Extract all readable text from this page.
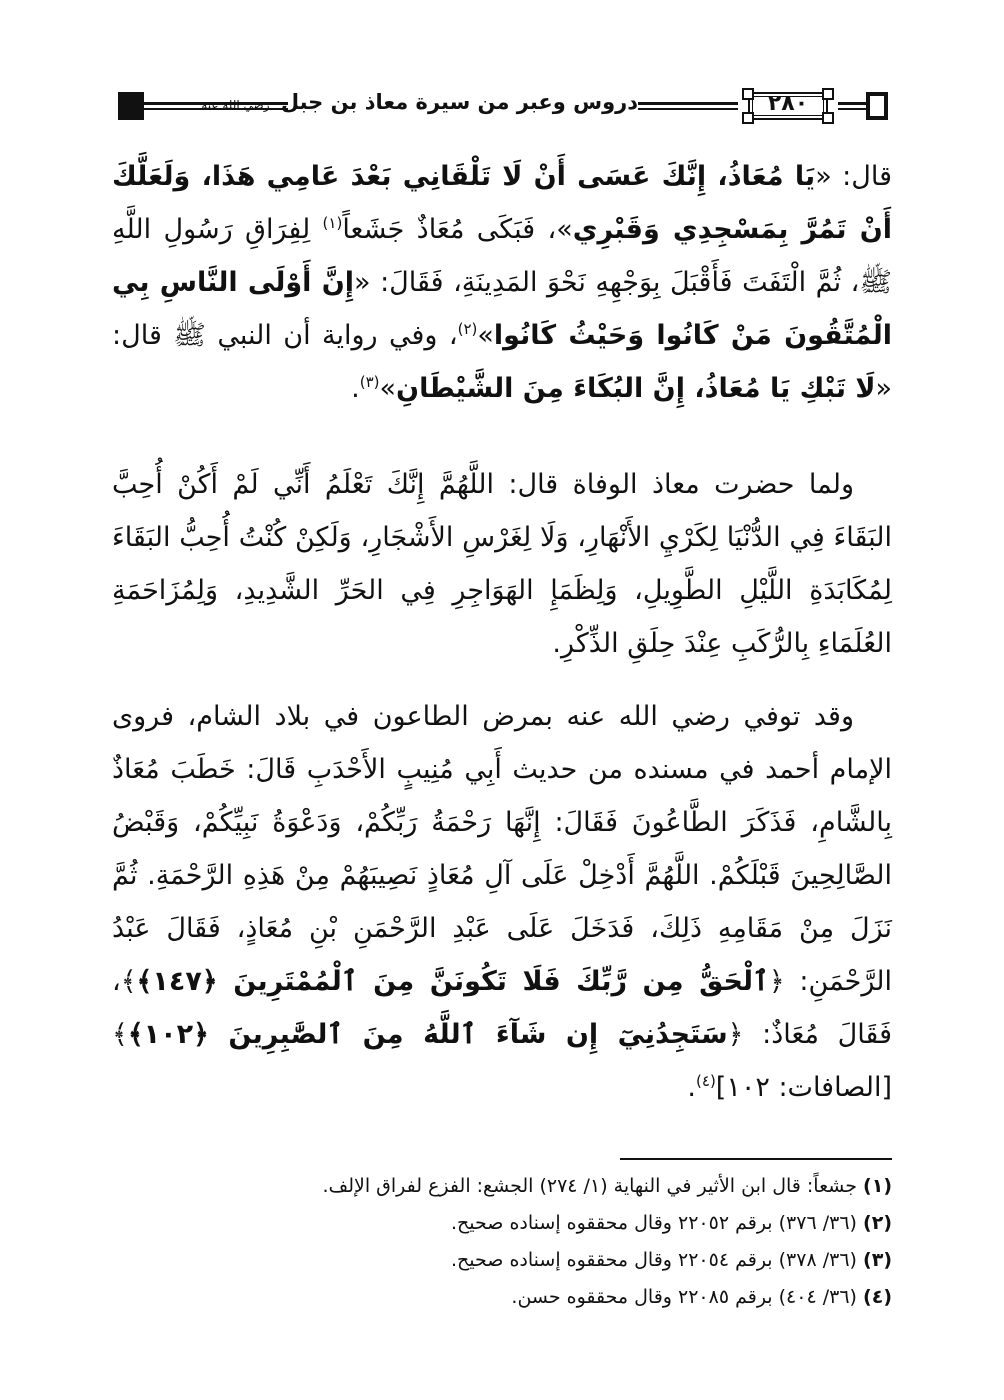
دروس وعبر من سيرة معاذ بن جبل رضي الله عنه	٢٨٠

قال: «يَا مُعَاذُ، إِنَّكَ عَسَى أَنْ لَا تَلْقَانِي بَعْدَ عَامِي هَذَا، وَلَعَلَّكَ أَنْ تَمُرَّ بِمَسْجِدِي وَقَبْرِي»، فَبَكَى مُعَاذٌ جَشَعاً$^{(١)}$ لِفِرَاقِ رَسُولِ اللَّهِ ﷺ، ثُمَّ الْتَفَتَ فَأَقْبَلَ بِوَجْهِهِ نَحْوَ المَدِينَةِ، فَقَالَ: «إِنَّ أَوْلَى النَّاسِ بِي الْمُتَّقُونَ مَنْ كَانُوا وَحَيْثُ كَانُوا»$^{(٢)}$، وفي رواية أن النبي ﷺ قال: «لَا تَبْكِ يَا مُعَاذُ، إِنَّ البُكَاءَ مِنَ الشَّيْطَانِ»$^{(٣)}$.

ولما حضرت معاذ الوفاة قال: اللَّهُمَّ إِنَّكَ تَعْلَمُ أَنِّي لَمْ أَكُنْ أُحِبَّ البَقَاءَ فِي الدُّنْيَا لِكَرْيِ الأَنْهَارِ، وَلَا لِغَرْسِ الأَشْجَارِ، وَلَكِنْ كُنْتُ أُحِبُّ البَقَاءَ لِمُكَابَدَةِ اللَّيْلِ الطَّوِيلِ، وَلِظَمَإِ الهَوَاجِرِ فِي الحَرِّ الشَّدِيدِ، وَلِمُزَاحَمَةِ العُلَمَاءِ بِالرُّكَبِ عِنْدَ حِلَقِ الذِّكْرِ.

وقد توفي رضي الله عنه بمرض الطاعون في بلاد الشام، فروى الإمام أحمد في مسنده من حديث أَبِي مُنِيبٍ الأَحْدَبِ قَالَ: خَطَبَ مُعَاذٌ بِالشَّامِ، فَذَكَرَ الطَّاعُونَ فَقَالَ: إِنَّهَا رَحْمَةُ رَبِّكُمْ، وَدَعْوَةُ نَبِيِّكُمْ، وَقَبْضُ الصَّالِحِينَ قَبْلَكُمْ. اللَّهُمَّ أَدْخِلْ عَلَى آلِ مُعَاذٍ نَصِيبَهُمْ مِنْ هَذِهِ الرَّحْمَةِ. ثُمَّ نَزَلَ مِنْ مَقَامِهِ ذَلِكَ، فَدَخَلَ عَلَى عَبْدِ الرَّحْمَنِ بْنِ مُعَاذٍ، فَقَالَ عَبْدُ الرَّحْمَنِ: ﴿ٱلْحَقُّ مِن رَّبِّكَ فَلَا تَكُونَنَّ مِنَ ٱلْمُمْتَرِينَ ﴿١٤٧﴾﴾، فَقَالَ مُعَاذٌ: ﴿سَتَجِدُنِيٓ إِن شَآءَ ٱللَّهُ مِنَ ٱلصَّٰبِرِينَ ﴿١٠٢﴾﴾ [الصافات: ١٠٢]$^{(٤)}$.

(١) جشعاً: قال ابن الأثير في النهاية (١/ ٢٧٤) الجشع: الفزع لفراق الإلف.
(٢) (٣٦/ ٣٧٦) برقم ٢٢٠٥٢ وقال محققوه إسناده صحيح.
(٣) (٣٦/ ٣٧٨) برقم ٢٢٠٥٤ وقال محققوه إسناده صحيح.
(٤) (٣٦/ ٤٠٤) برقم ٢٢٠٨٥ وقال محققوه حسن.
